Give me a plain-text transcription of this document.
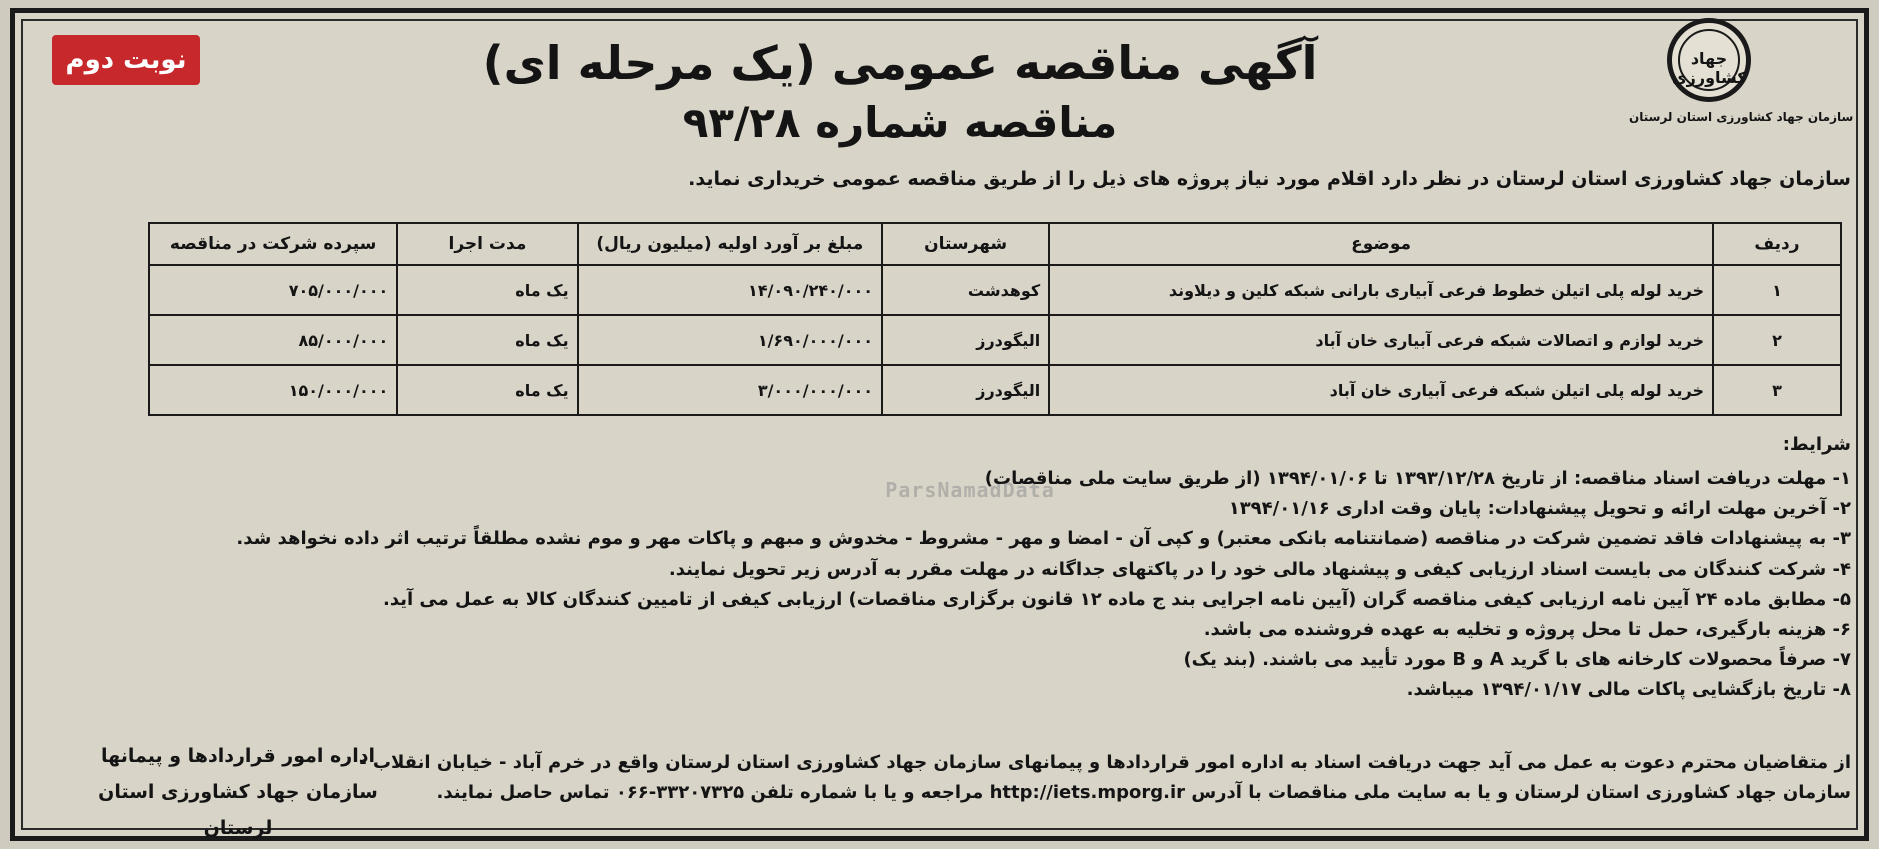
نوبت دوم	جهاد کشاورزی
سازمان جهاد کشاورزی استان لرستان
آگهی مناقصه عمومی (یک مرحله ای)
مناقصه شماره ۹۳/۲۸
سازمان جهاد کشاورزی استان لرستان در نظر دارد اقلام مورد نیاز پروژه های ذیل را از طریق مناقصه عمومی خریداری نماید.
ردیف	موضوع	شهرستان	مبلغ بر آورد اولیه (میلیون ریال)	مدت اجرا	سپرده شرکت در مناقصه
۱	خرید لوله پلی اتیلن خطوط فرعی آبیاری بارانی شبکه کلین و دیلاوند	کوهدشت	۱۴/۰۹۰/۲۴۰/۰۰۰	یک ماه	۷۰۵/۰۰۰/۰۰۰
۲	خرید لوازم و اتصالات شبکه فرعی آبیاری خان آباد	الیگودرز	۱/۶۹۰/۰۰۰/۰۰۰	یک ماه	۸۵/۰۰۰/۰۰۰
۳	خرید لوله پلی اتیلن شبکه فرعی آبیاری خان آباد	الیگودرز	۳/۰۰۰/۰۰۰/۰۰۰	یک ماه	۱۵۰/۰۰۰/۰۰۰
ParsNamadData
شرایط:
۱- مهلت دریافت اسناد مناقصه: از تاریخ ۱۳۹۳/۱۲/۲۸ تا ۱۳۹۴/۰۱/۰۶ (از طریق سایت ملی مناقصات)
۲- آخرین مهلت ارائه و تحویل پیشنهادات: پایان وقت اداری ۱۳۹۴/۰۱/۱۶
۳- به پیشنهادات فاقد تضمین شرکت در مناقصه (ضمانتنامه بانکی معتبر) و کپی آن - امضا و مهر - مشروط - مخدوش و مبهم و پاکات مهر و موم نشده مطلقاً ترتیب اثر داده نخواهد شد.
۴- شرکت کنندگان می بایست اسناد ارزیابی کیفی و پیشنهاد مالی خود را در پاکتهای جداگانه در مهلت مقرر به آدرس زیر تحویل نمایند.
۵- مطابق ماده ۲۴ آیین نامه ارزیابی کیفی مناقصه گران (آیین نامه اجرایی بند ج ماده ۱۲ قانون برگزاری مناقصات) ارزیابی کیفی از تامیین کنندگان کالا به عمل می آید.
۶- هزینه بارگیری، حمل تا محل پروژه و تخلیه به عهده فروشنده می باشد.
۷- صرفاً محصولات کارخانه های با گرید A و B مورد تأیید می باشند. (بند یک)
۸- تاریخ بازگشایی پاکات مالی ۱۳۹۴/۰۱/۱۷ میباشد.
از متقاضیان محترم دعوت به عمل می آید جهت دریافت اسناد به اداره امور قراردادها و پیمانهای سازمان جهاد کشاورزی استان لرستان واقع در خرم آباد - خیابان انقلاب -
سازمان جهاد کشاورزی استان لرستان و یا به سایت ملی مناقصات با آدرس http://iets.mporg.ir مراجعه و یا با شماره تلفن ۳۳۲۰۷۳۲۵-۰۶۶ تماس حاصل نمایند.
اداره امور قراردادها و پیمانها
سازمان جهاد کشاورزی استان لرستان
